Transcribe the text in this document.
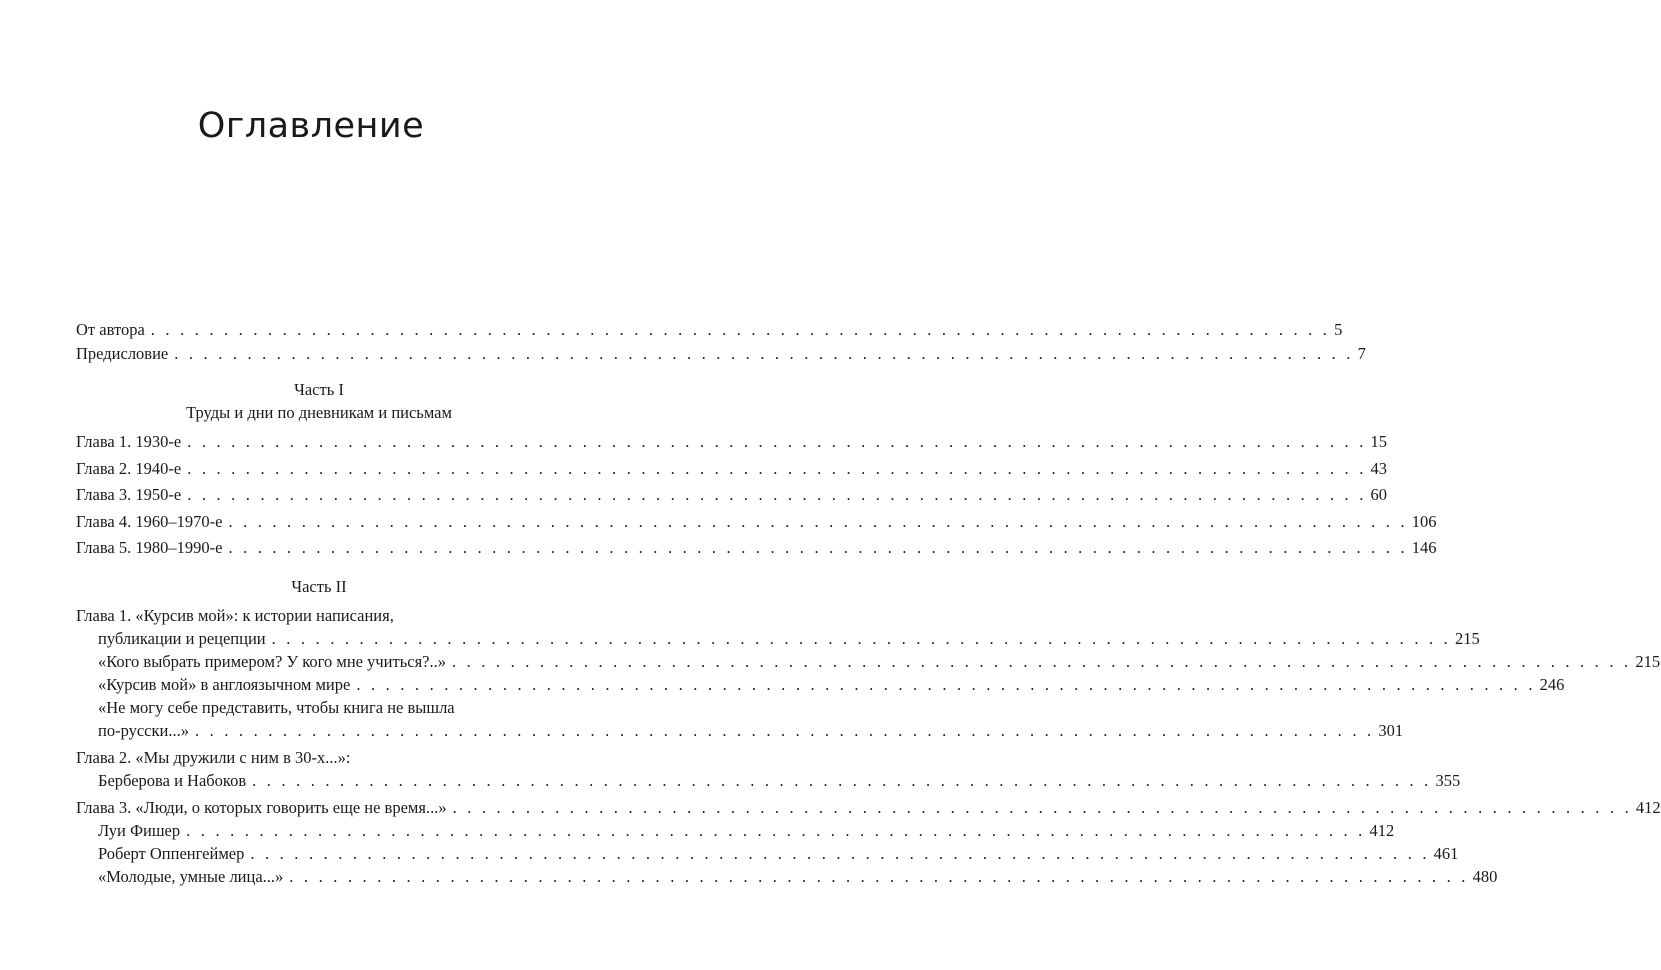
Оглавление
От автора . . . . . . . . . . . . . . . . . . . . . . . . . . . . . . . . . . . . . . . . . . . . . . . . . . . . . . . . . . . . . . . . . . . . . . . . . . . . . . . . . 5
Предисловие . . . . . . . . . . . . . . . . . . . . . . . . . . . . . . . . . . . . . . . . . . . . . . . . . . . . . . . . . . . . . . . . . . . . . . . . . . . . . . . . . 7
Часть I
Труды и дни по дневникам и письмам
Глава 1. 1930-е . . . . . . . . . . . . . . . . . . . . . . . . . . . . . . . . . . . . . . . . . . . . . . . . . . . . . . . . . . . . . . . . . . . . . . . . . . . . . . . . . 15
Глава 2. 1940-е . . . . . . . . . . . . . . . . . . . . . . . . . . . . . . . . . . . . . . . . . . . . . . . . . . . . . . . . . . . . . . . . . . . . . . . . . . . . . . . . . 43
Глава 3. 1950-е . . . . . . . . . . . . . . . . . . . . . . . . . . . . . . . . . . . . . . . . . . . . . . . . . . . . . . . . . . . . . . . . . . . . . . . . . . . . . . . . . 60
Глава 4. 1960–1970-е . . . . . . . . . . . . . . . . . . . . . . . . . . . . . . . . . . . . . . . . . . . . . . . . . . . . . . . . . . . . . . . . . . . . . . . . . . . . . . . . . 106
Глава 5. 1980–1990-е . . . . . . . . . . . . . . . . . . . . . . . . . . . . . . . . . . . . . . . . . . . . . . . . . . . . . . . . . . . . . . . . . . . . . . . . . . . . . . . . . 146
Часть II
Глава 1. «Курсив мой»: к истории написания,
публикации и рецепции . . . . . . . . . . . . . . . . . . . . . . . . . . . . . . . . . . . . . . . . . . . . . . . . . . . . . . . . . . . . . . . . . . . . . . . . . . . . . . . . . 215
«Кого выбрать примером? У кого мне учиться?..» . . . . . . . . . . . . . . . . . . . . . . . . . . . . . . . . . . . . . . . . . . . . . . . . . . . . . . . . . . . . . . . . . . . . . . . . . . . . . . . . . 215
«Курсив мой» в англоязычном мире . . . . . . . . . . . . . . . . . . . . . . . . . . . . . . . . . . . . . . . . . . . . . . . . . . . . . . . . . . . . . . . . . . . . . . . . . . . . . . . . . 246
«Не могу себе представить, чтобы книга не вышла
по-русски...» . . . . . . . . . . . . . . . . . . . . . . . . . . . . . . . . . . . . . . . . . . . . . . . . . . . . . . . . . . . . . . . . . . . . . . . . . . . . . . . . . 301
Глава 2. «Мы дружили с ним в 30-х...»:
Берберова и Набоков . . . . . . . . . . . . . . . . . . . . . . . . . . . . . . . . . . . . . . . . . . . . . . . . . . . . . . . . . . . . . . . . . . . . . . . . . . . . . . . . . 355
Глава 3. «Люди, о которых говорить еще не время...» . . . . . . . . . . . . . . . . . . . . . . . . . . . . . . . . . . . . . . . . . . . . . . . . . . . . . . . . . . . . . . . . . . . . . . . . . . . . . . . . . 412
Луи Фишер . . . . . . . . . . . . . . . . . . . . . . . . . . . . . . . . . . . . . . . . . . . . . . . . . . . . . . . . . . . . . . . . . . . . . . . . . . . . . . . . . 412
Роберт Оппенгеймер . . . . . . . . . . . . . . . . . . . . . . . . . . . . . . . . . . . . . . . . . . . . . . . . . . . . . . . . . . . . . . . . . . . . . . . . . . . . . . . . . 461
«Молодые, умные лица...» . . . . . . . . . . . . . . . . . . . . . . . . . . . . . . . . . . . . . . . . . . . . . . . . . . . . . . . . . . . . . . . . . . . . . . . . . . . . . . . . . 480
